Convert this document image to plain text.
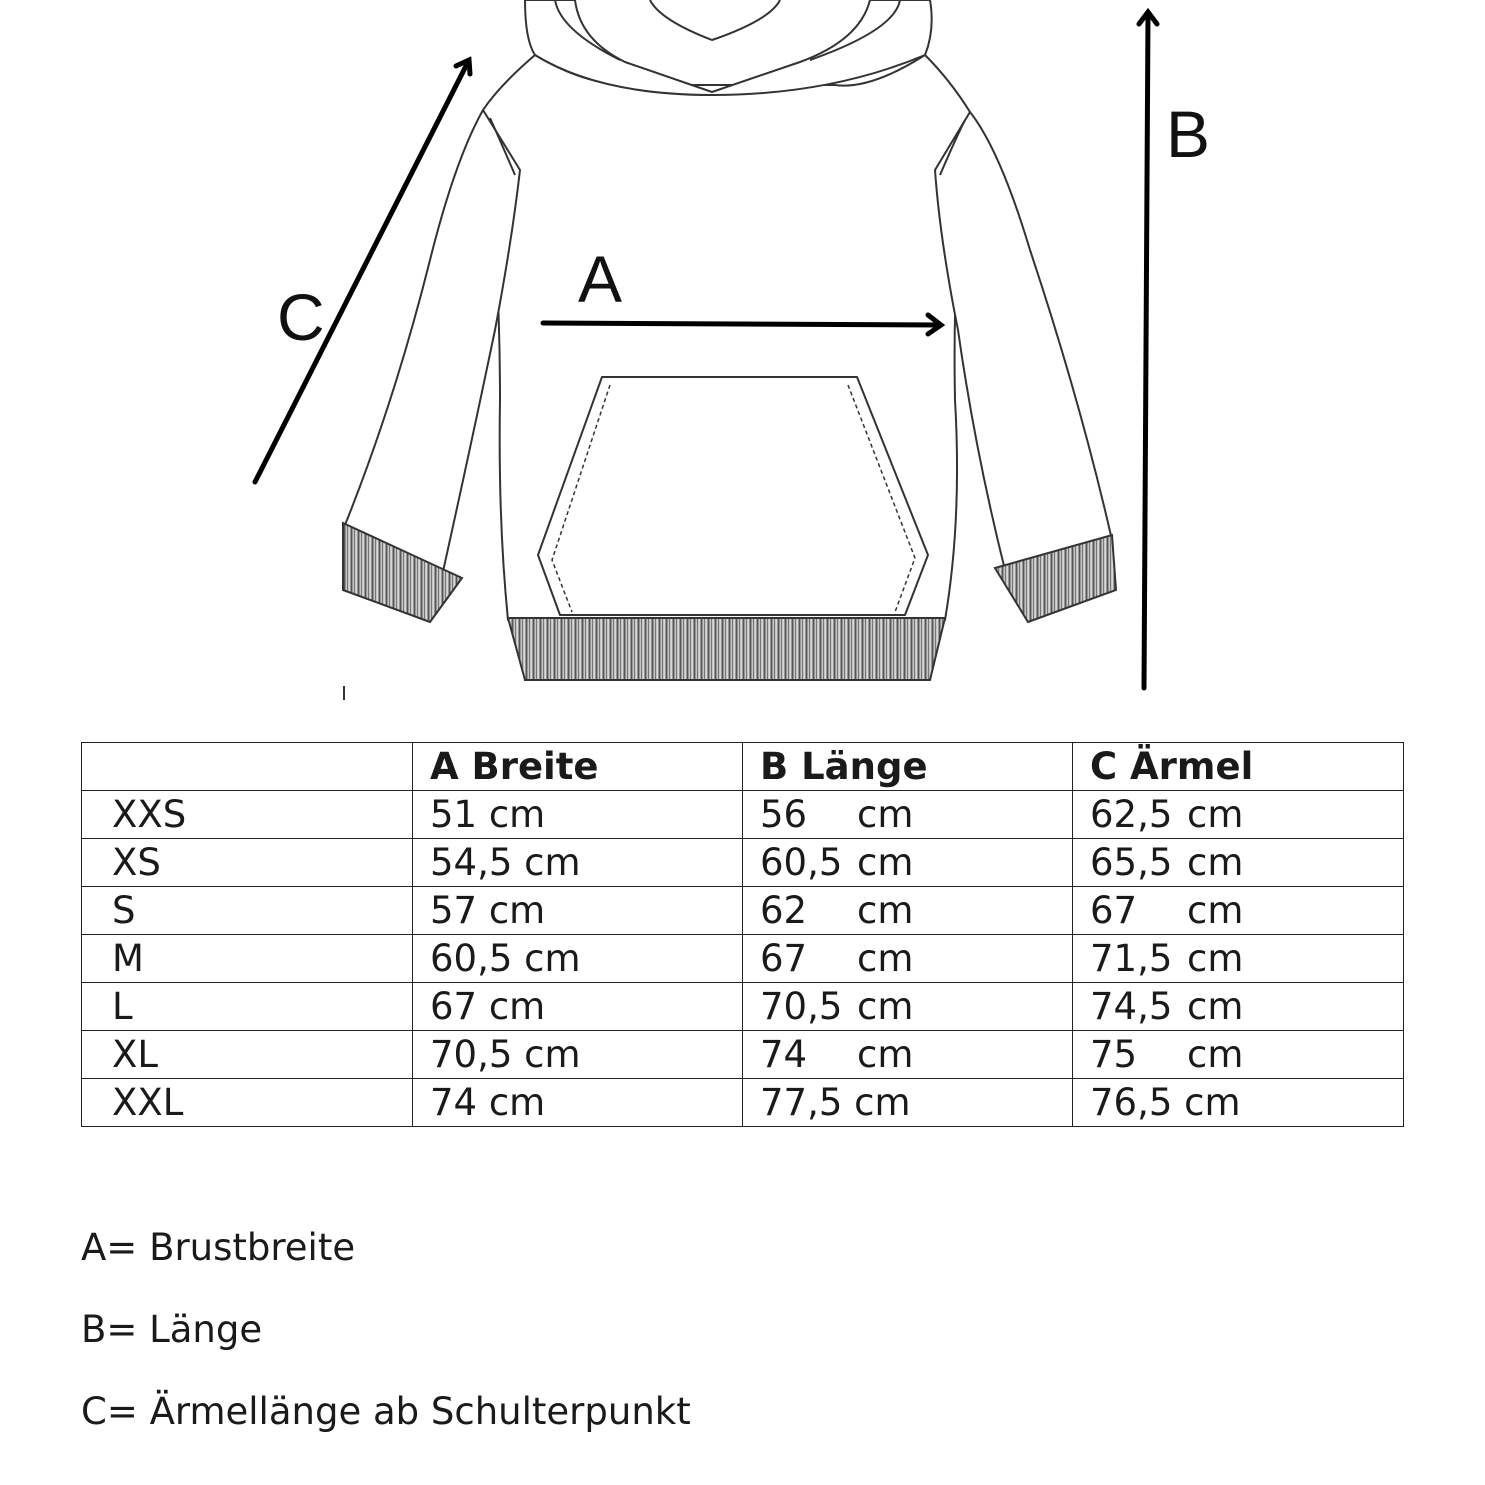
A
B
C
	A Breite	B Länge	C Ärmel
XXS	51 cm	56 cm	62,5 cm
XS	54,5 cm	60,5 cm	65,5 cm
S	57 cm	62 cm	67 cm
M	60,5 cm	67 cm	71,5 cm
L	67 cm	70,5 cm	74,5 cm
XL	70,5 cm	74 cm	75 cm
XXL	74 cm	77,5 cm	76,5 cm
A= Brustbreite
B= Länge
C= Ärmellänge ab Schulterpunkt
